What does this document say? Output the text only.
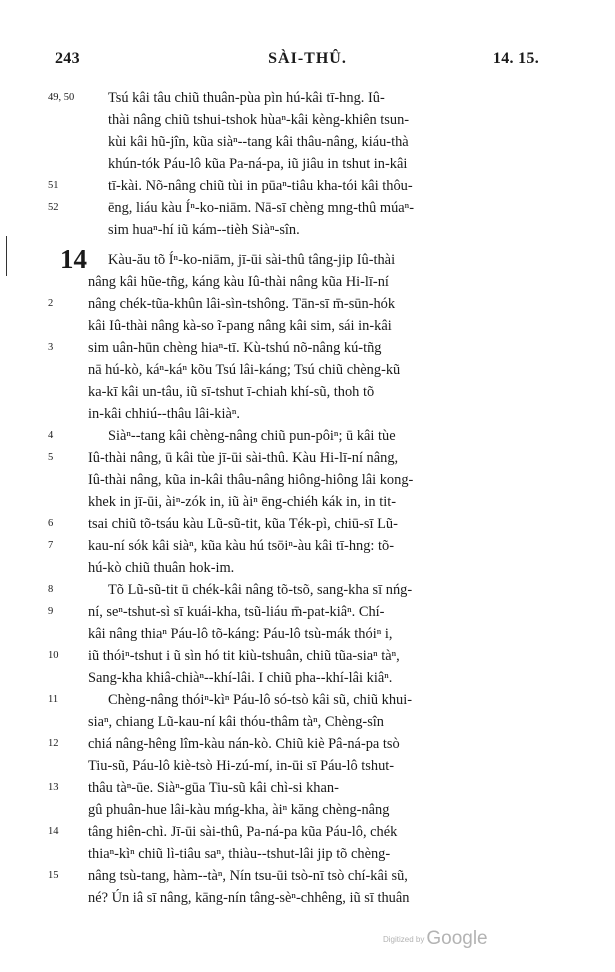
SÀI-THÛ.
243	14. 15.
14
49, 50	Tsú kâi tâu chiũ thuân-pùa pìn hú-kâi tī-hng. Iû-
thài nâng chiũ tshui-tshok hùaⁿ-kâi kèng-khiên tsun-
kùi kâi hũ-jîn, kũa siàⁿ--tang kâi thâu-nâng, kiáu-thà
khún-tók Páu-lô kũa Pa-ná-pa, iũ jiâu in tshut in-kâi
51	tī-kài. Nõ-nâng chiũ tùi in pūaⁿ-tiâu kha-tói kâi thôu-
52	ēng, liáu kàu Íⁿ-ko-niām. Nā-sī chèng mng-thû múaⁿ-
sim huaⁿ-hí iũ kám--tièh Siàⁿ-sîn.
Kàu-ău tõ Íⁿ-ko-niām, jī-ūi sài-thû tâng-jip Iû-thài
nâng kâi hũe-tñg, káng kàu Iû-thài nâng kũa Hi-lī-ní
2	nâng chék-tũa-khûn lâi-sìn-tshông. Tān-sī m̄-sūn-hók
kâi Iû-thài nâng kà-so ĩ-pang nâng kâi sim, sái in-kâi
3	sim uân-hūn chèng hiaⁿ-tī. Kù-tshú nõ-nâng kú-tñg
nā hú-kò, káⁿ-káⁿ kõu Tsú lâi-káng; Tsú chiũ chèng-kũ
ka-kī kâi un-tâu, iũ sī-tshut ī-chiah khí-sũ, thoh tõ
in-kâi chhiú--thâu lâi-kiàⁿ.
4	Siàⁿ--tang kâi chèng-nâng chiũ pun-pôiⁿ; ū kâi tùe
5	Iû-thài nâng, ū kâi tùe jī-ūi sài-thû. Kàu Hi-lī-ní nâng,
Iû-thài nâng, kũa in-kâi thâu-nâng hiông-hiông lâi kong-
khek in jī-ūi, àiⁿ-zók in, iũ àiⁿ ēng-chiéh kák in, in tit-
6	tsai chiũ tõ-tsáu kàu Lũ-sũ-tit, kũa Ték-pì, chiū-sī Lũ-
7	kau-ní sók kâi siàⁿ, kũa kàu hú tsōiⁿ-àu kâi tī-hng: tõ-
hú-kò chiũ thuân hok-im.
8	Tõ Lũ-sũ-tit ū chék-kâi nâng tõ-tsõ, sang-kha sī nńg-
9	ní, seⁿ-tshut-sì sī kuái-kha, tsũ-liáu m̄-pat-kiâⁿ. Chí-
kâi nâng thiaⁿ Páu-lô tõ-káng: Páu-lô tsù-mák thóiⁿ i,
10	iũ thóiⁿ-tshut i ũ sìn hó tit kiù-tshuân, chiũ tũa-siaⁿ tàⁿ,
Sang-kha khiâ-chiàⁿ--khí-lâi. I chiũ pha--khí-lâi kiâⁿ.
11	Chèng-nâng thóiⁿ-kìⁿ Páu-lô só-tsò kâi sũ, chiũ khui-
siaⁿ, chiang Lũ-kau-ní kâi thóu-thâm tàⁿ, Chèng-sîn
12	chiá nâng-hêng lîm-kàu nán-kò. Chiũ kiè Pâ-ná-pa tsò
Tiu-sũ, Páu-lô kiè-tsò Hi-zú-mí, in-ūi sī Páu-lô tshut-
13	thâu tàⁿ-ūe. Siàⁿ-gūa Tiu-sũ kâi chì-si khan-
gû phuân-hue lâi-kàu mńg-kha, àiⁿ kăng chèng-nâng
14	tâng hiên-chì. Jī-ūi sài-thû, Pa-ná-pa kũa Páu-lô, chék
thiaⁿ-kìⁿ chiũ lì-tiâu saⁿ, thiàu--tshut-lâi jip tõ chèng-
15	nâng tsù-tang, hàm--tàⁿ, Nín tsu-ūi tsò-nī tsò chí-kâi sũ,
né? Ún iâ sī nâng, kāng-nín tâng-sèⁿ-chhêng, iũ sī thuân
Digitized by Google
